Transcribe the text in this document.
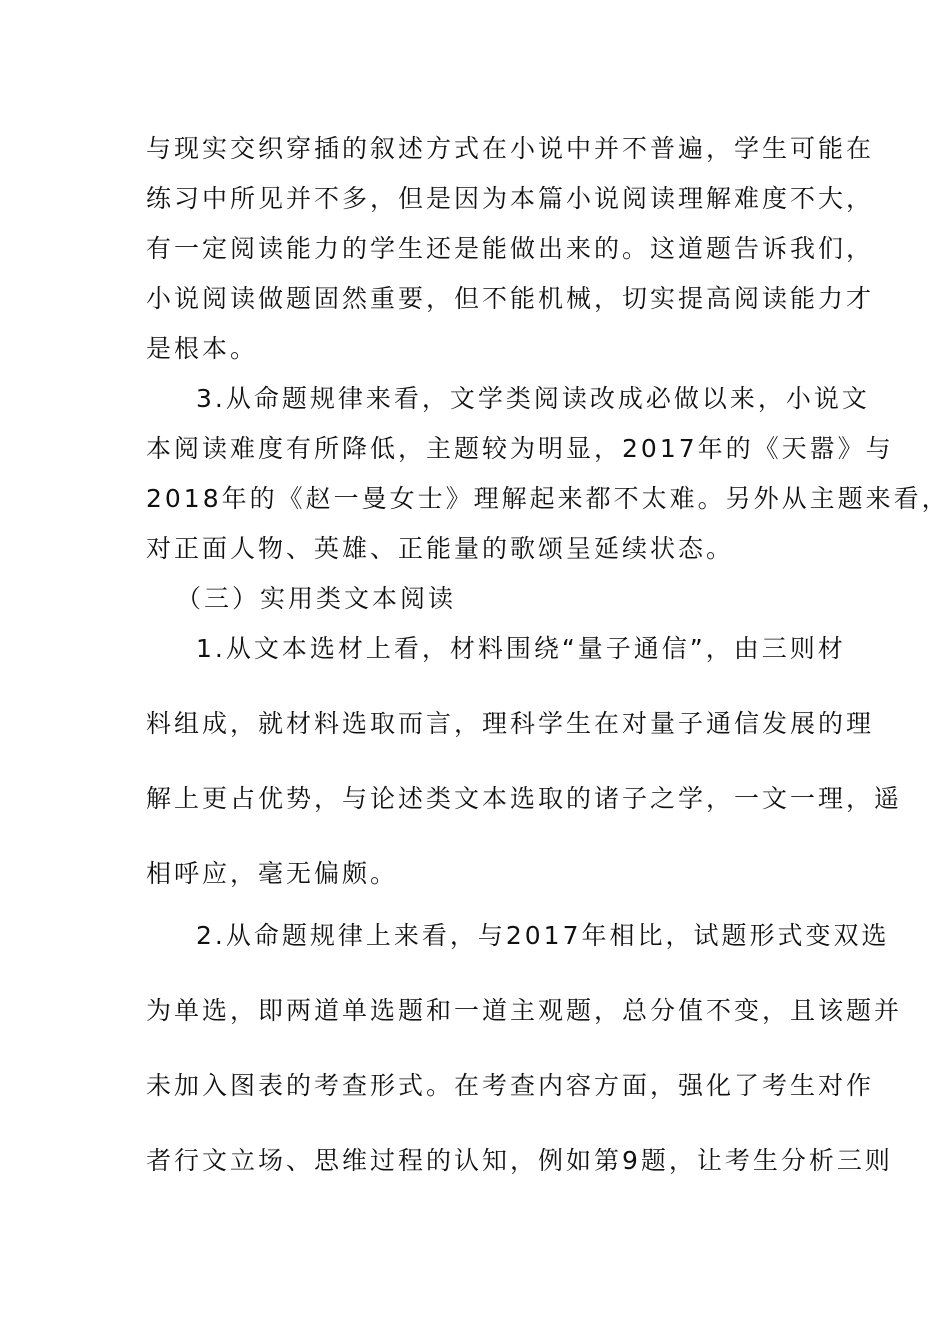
与现实交织穿插的叙述方式在小说中并不普遍，学生可能在
练习中所见并不多，但是因为本篇小说阅读理解难度不大，
有一定阅读能力的学生还是能做出来的。这道题告诉我们，
小说阅读做题固然重要，但不能机械，切实提高阅读能力才
是根本。
3.从命题规律来看，文学类阅读改成必做以来，小说文
本阅读难度有所降低，主题较为明显，2017年的《天嚣》与
2018年的《赵一曼女士》理解起来都不太难。另外从主题来看，
对正面人物、英雄、正能量的歌颂呈延续状态。
（三）实用类文本阅读
1.从文本选材上看，材料围绕“量子通信”，由三则材
料组成，就材料选取而言，理科学生在对量子通信发展的理
解上更占优势，与论述类文本选取的诸子之学，一文一理，遥
相呼应，毫无偏颇。
2.从命题规律上来看，与2017年相比，试题形式变双选
为单选，即两道单选题和一道主观题，总分值不变，且该题并
未加入图表的考查形式。在考查内容方面，强化了考生对作
者行文立场、思维过程的认知，例如第9题，让考生分析三则
